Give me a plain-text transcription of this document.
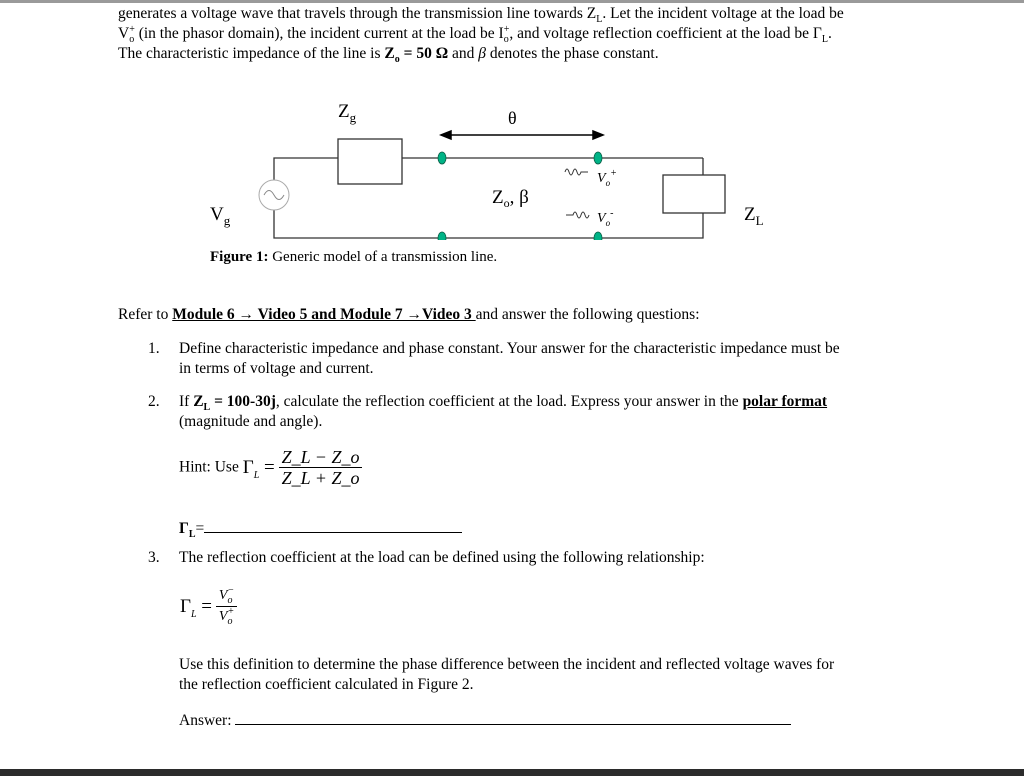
generates a voltage wave that travels through the transmission line towards $Z_L$. Let the incident voltage at the load be
$V_o^+$ (in the phasor domain), the incident current at the load be $I_o^+$, and voltage reflection coefficient at the load be $\Gamma_L$.
The characteristic impedance of the line is $Z_o = 50$ Ω and β denotes the phase constant.
$Z_g$	θ
$V_o^+$
$V_o^-$
$Z_o$, β
$V_g$	$Z_L$
Figure 1: Generic model of a transmission line.
Refer to Module 6 → Video 5 and Module 7 →Video 3 and answer the following questions:
1. Define characteristic impedance and phase constant. Your answer for the characteristic impedance must be
in terms of voltage and current.
2. If $Z_L = 100-30j$, calculate the reflection coefficient at the load. Express your answer in the polar format
(magnitude and angle).
Hint: Use $\Gamma_L = \frac{Z\_L - Z\_o}{Z\_L + Z\_o}$
$\Gamma_L=$
3. The reflection coefficient at the load can be defined using the following relationship:
$\Gamma_L = \frac{V_o^-}{V_o^+}$
Use this definition to determine the phase difference between the incident and reflected voltage waves for
the reflection coefficient calculated in Figure 2.
Answer:
